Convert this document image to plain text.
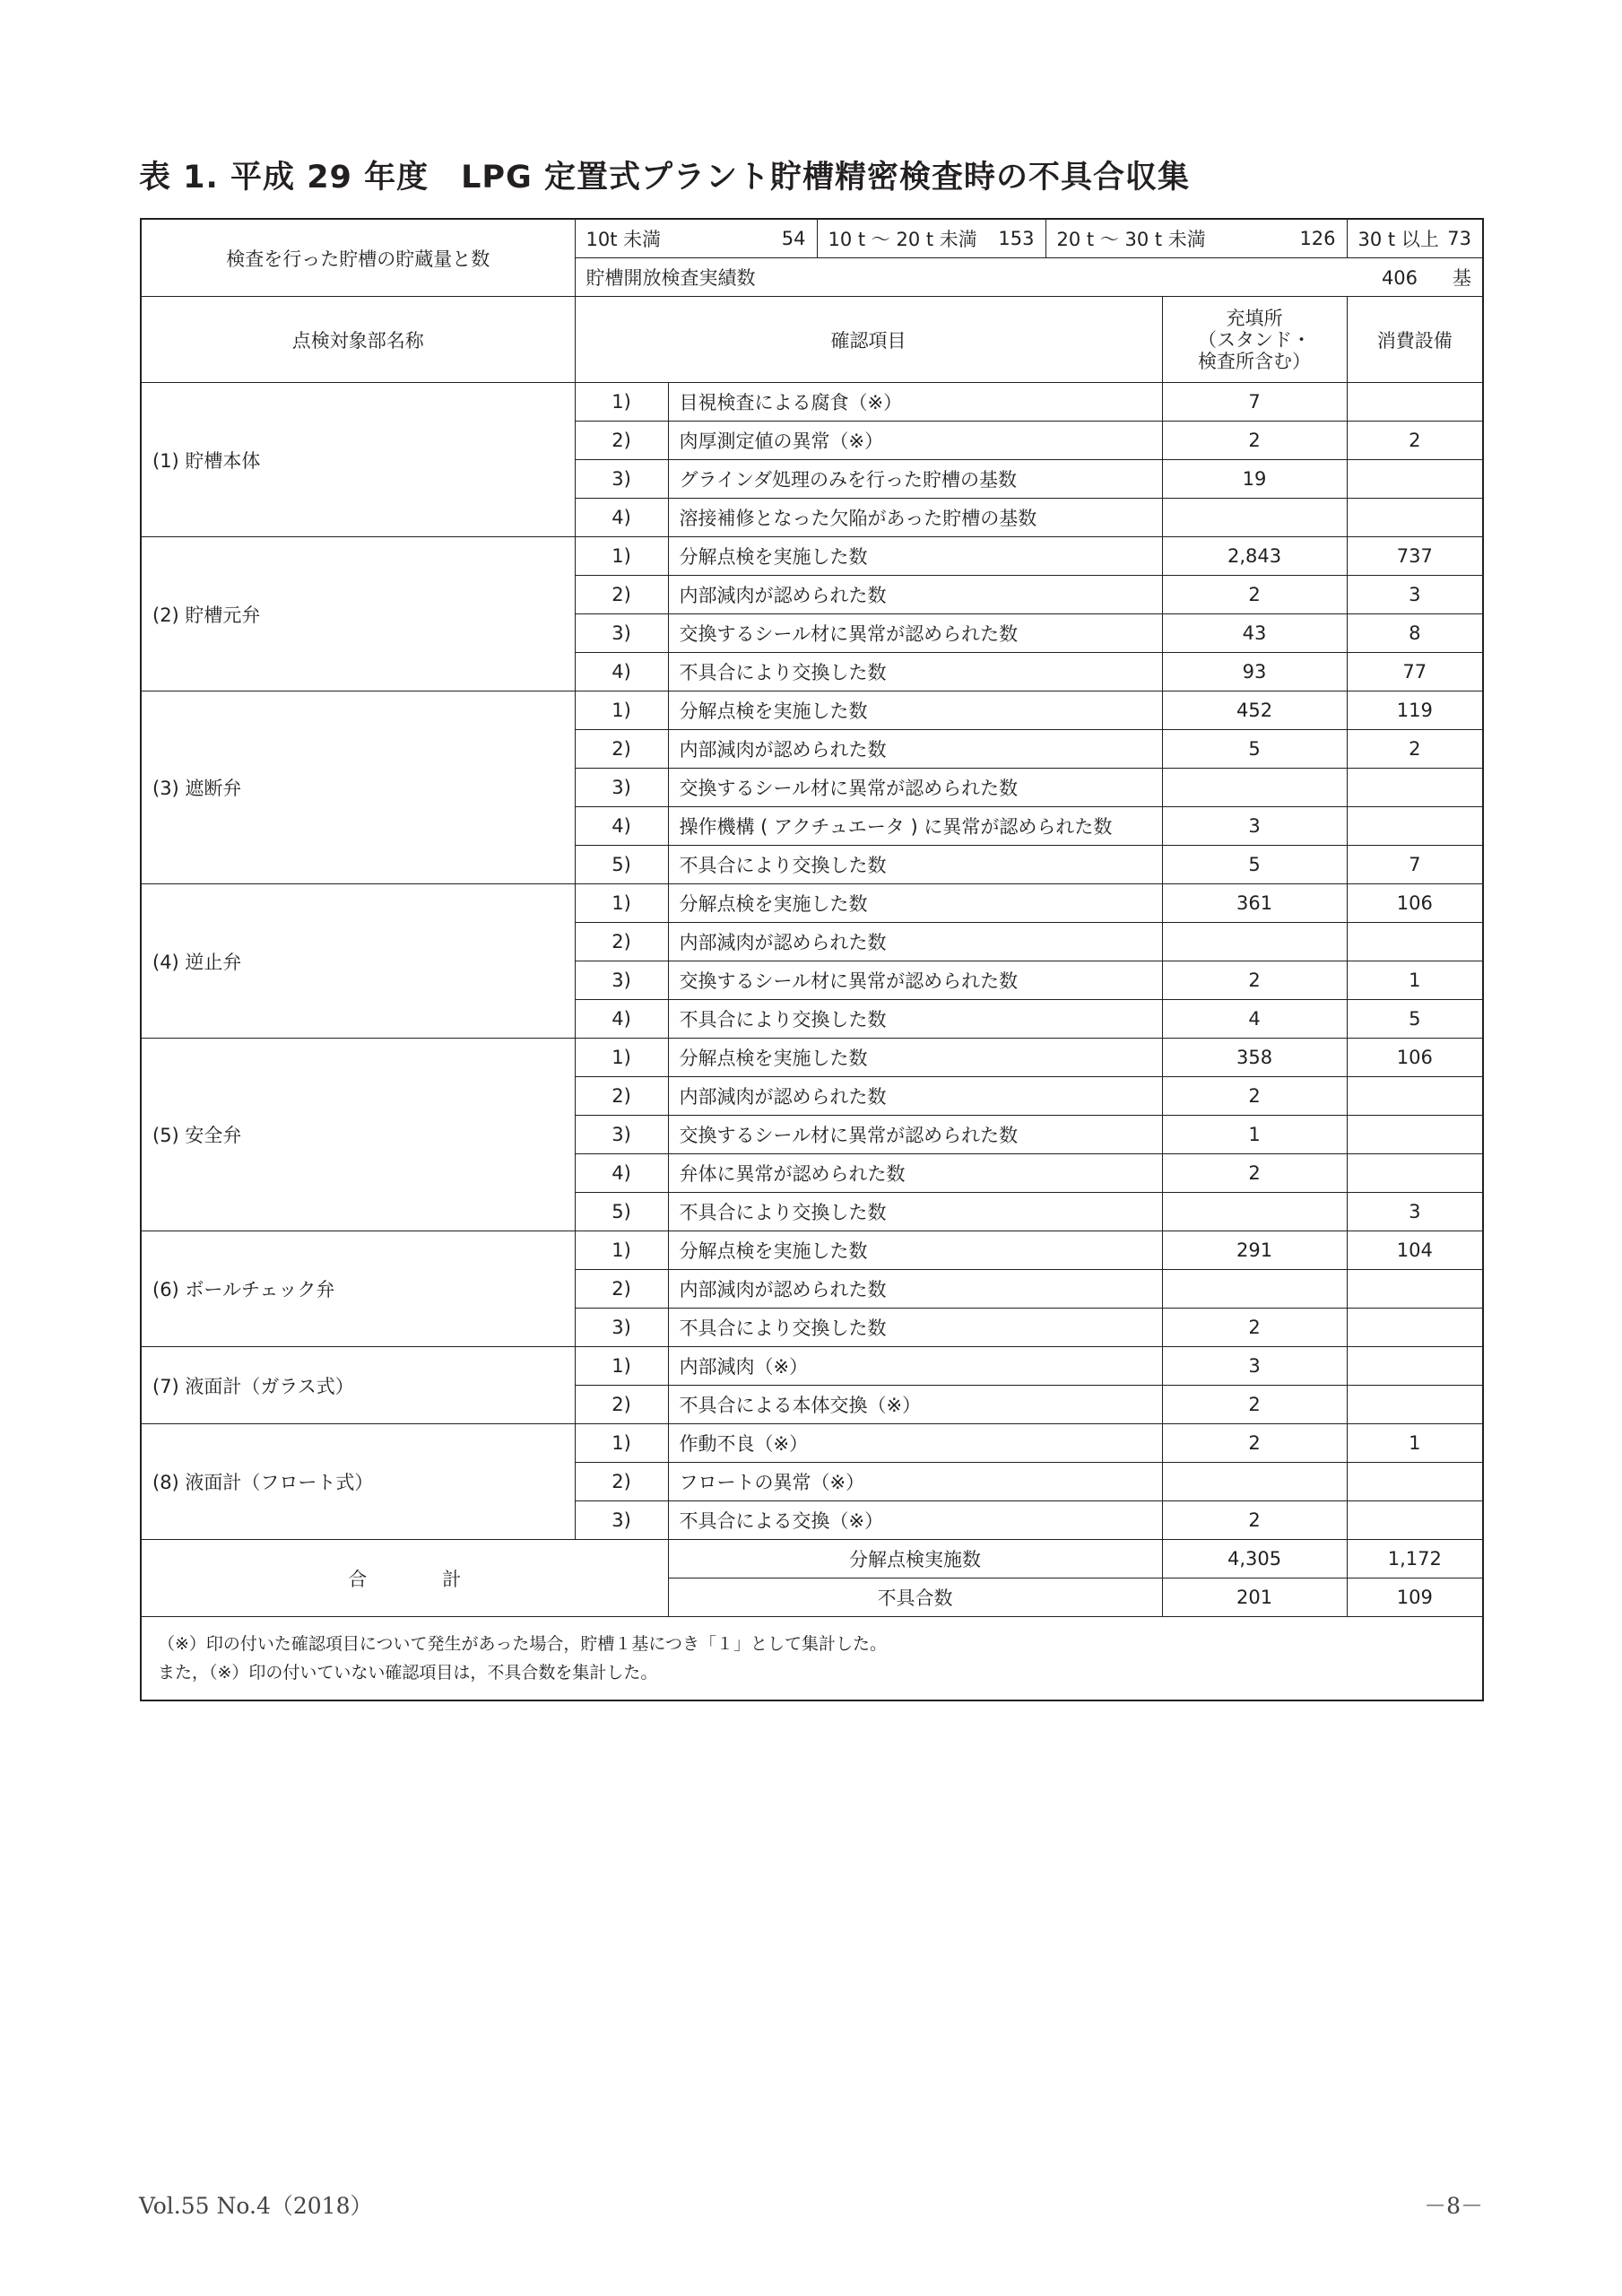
表 1. 平成 29 年度　LPG 定置式プラント貯槽精密検査時の不具合収集
検査を行った貯槽の貯蔵量と数	10t 未満 54		10 t ～ 20 t 未満 153	20 t ～ 30 t 未満 126		30 t 以上 73

	貯槽開放検査実績数 406 基					

点検対象部名称	確認項目				充填所
（スタンド・
検査所含む）	消費設備
(1) 貯槽本体	1)	目視検査による腐食（※）			7	
	2)	肉厚測定値の異常（※）			2	2
	3)	グラインダ処理のみを行った貯槽の基数			19	
	4)	溶接補修となった欠陥があった貯槽の基数				
(2) 貯槽元弁	1)	分解点検を実施した数			2,843	737
	2)	内部減肉が認められた数			2	3
	3)	交換するシール材に異常が認められた数			43	8
	4)	不具合により交換した数			93	77
(3) 遮断弁	1)	分解点検を実施した数			452	119
	2)	内部減肉が認められた数			5	2
	3)	交換するシール材に異常が認められた数				
	4)	操作機構 ( アクチュエータ ) に異常が認められた数			3	
	5)	不具合により交換した数			5	7
(4) 逆止弁	1)	分解点検を実施した数			361	106
	2)	内部減肉が認められた数				
	3)	交換するシール材に異常が認められた数			2	1
	4)	不具合により交換した数			4	5
(5) 安全弁	1)	分解点検を実施した数			358	106
	2)	内部減肉が認められた数			2	
	3)	交換するシール材に異常が認められた数			1	
	4)	弁体に異常が認められた数			2	
	5)	不具合により交換した数				3
(6) ボールチェック弁	1)	分解点検を実施した数			291	104
	2)	内部減肉が認められた数				
	3)	不具合により交換した数			2	
(7) 液面計（ガラス式）	1)	内部減肉（※）			3	
	2)	不具合による本体交換（※）			2	
(8) 液面計（フロート式）	1)	作動不良（※）			2	1
	2)	フロートの異常（※）				
	3)	不具合による交換（※）			2	
合　　　　計		分解点検実施数			4,305	1,172
		不具合数			201	109

（※）印の付いた確認項目について発生があった場合，貯槽１基につき「１」として集計した。
また，（※）印の付いていない確認項目は，不具合数を集計した。						
Vol.55 No.4（2018）	－8－
